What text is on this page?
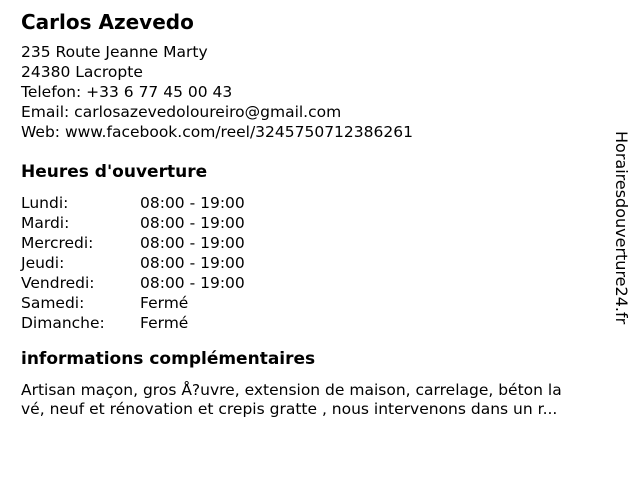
Carlos Azevedo
235 Route Jeanne Marty
24380 Lacropte
Telefon: +33 6 77 45 00 43
Email: carlosazevedoloureiro@gmail.com
Web: www.facebook.com/reel/3245750712386261
Heures d'ouverture
Lundi:	08:00 - 19:00
Mardi:	08:00 - 19:00
Mercredi:	08:00 - 19:00
Jeudi:	08:00 - 19:00
Vendredi:	08:00 - 19:00
Samedi:	Fermé
Dimanche:	Fermé
informations complémentaires
Artisan maçon, gros Å?uvre, extension de maison, carrelage, béton la
vé, neuf et rénovation et crepis gratte , nous intervenons dans un r...
Horairesdouverture24.fr
